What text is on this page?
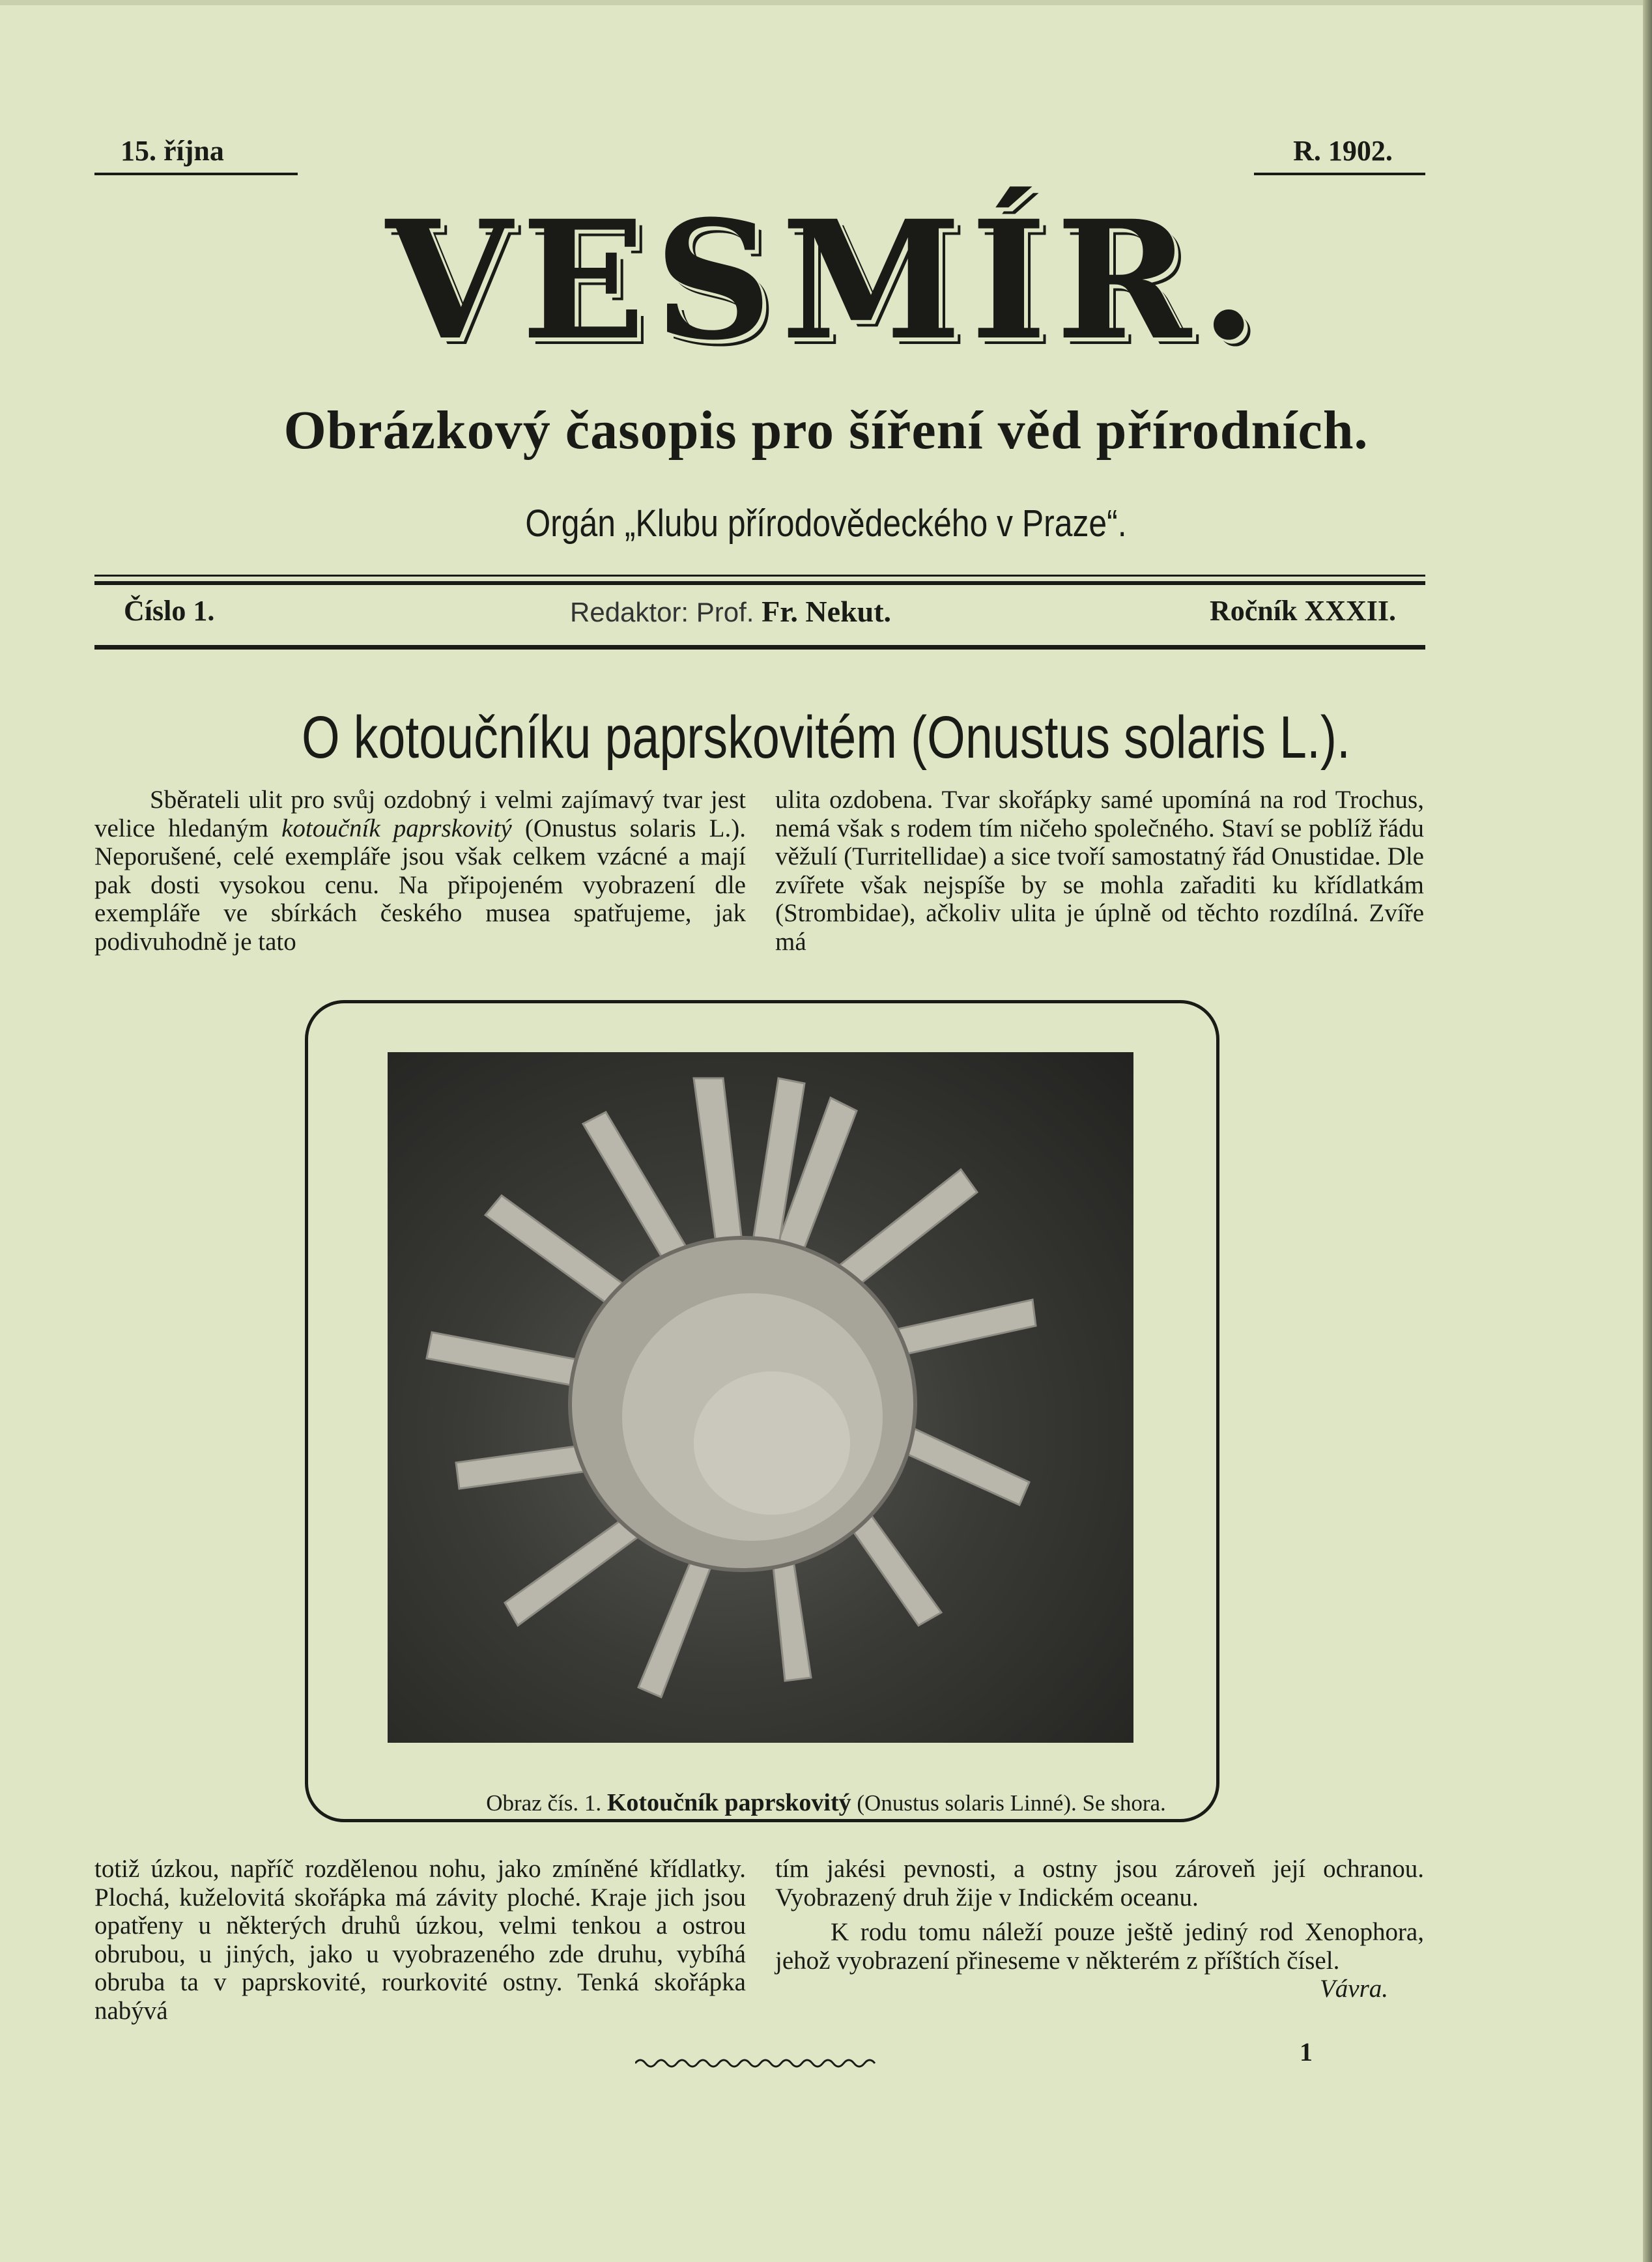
15. října	R. 1902.
VESMÍR.
Obrázkový časopis pro šíření věd přírodních.
Orgán „Klubu přírodovědeckého v Praze“.
Číslo 1.	Redaktor: Prof. Fr. Nekut.	Ročník XXXII.
O kotoučníku paprskovitém (Onustus solaris L.).

Sběrateli ulit pro svůj ozdobný i velmi zajímavý tvar jest velice hledaným kotoučník paprskovitý (Onustus solaris L.). Neporušené, celé exempláře jsou však celkem vzácné a mají pak dosti vysokou cenu. Na připojeném vyobrazení dle exempláře ve sbírkách českého musea spatřujeme, jak podivuhodně je tato

ulita ozdobena. Tvar skořápky samé upomíná na rod Trochus, nemá však s rodem tím ničeho společného. Staví se poblíž řádu věžulí (Turritellidae) a sice tvoří samostatný řád Onustidae. Dle zvířete však nejspíše by se mohla zařaditi ku křídlatkám (Strombidae), ačkoliv ulita je úplně od těchto rozdílná. Zvíře má

Obraz čís. 1. Kotoučník paprskovitý (Onustus solaris Linné). Se shora.

totiž úzkou, napříč rozdělenou nohu, jako zmíněné křídlatky. Plochá, kuželovitá skořápka má závity ploché. Kraje jich jsou opatřeny u některých druhů úzkou, velmi tenkou a ostrou obrubou, u jiných, jako u vyobrazeného zde druhu, vybíhá obruba ta v paprskovité, rourkovité ostny. Tenká skořápka nabývá

tím jakési pevnosti, a ostny jsou zároveň její ochranou. Vyobrazený druh žije v Indickém oceanu.

K rodu tomu náleží pouze ještě jediný rod Xenophora, jehož vyobrazení přineseme v některém z příštích čísel.

Vávra.

1
